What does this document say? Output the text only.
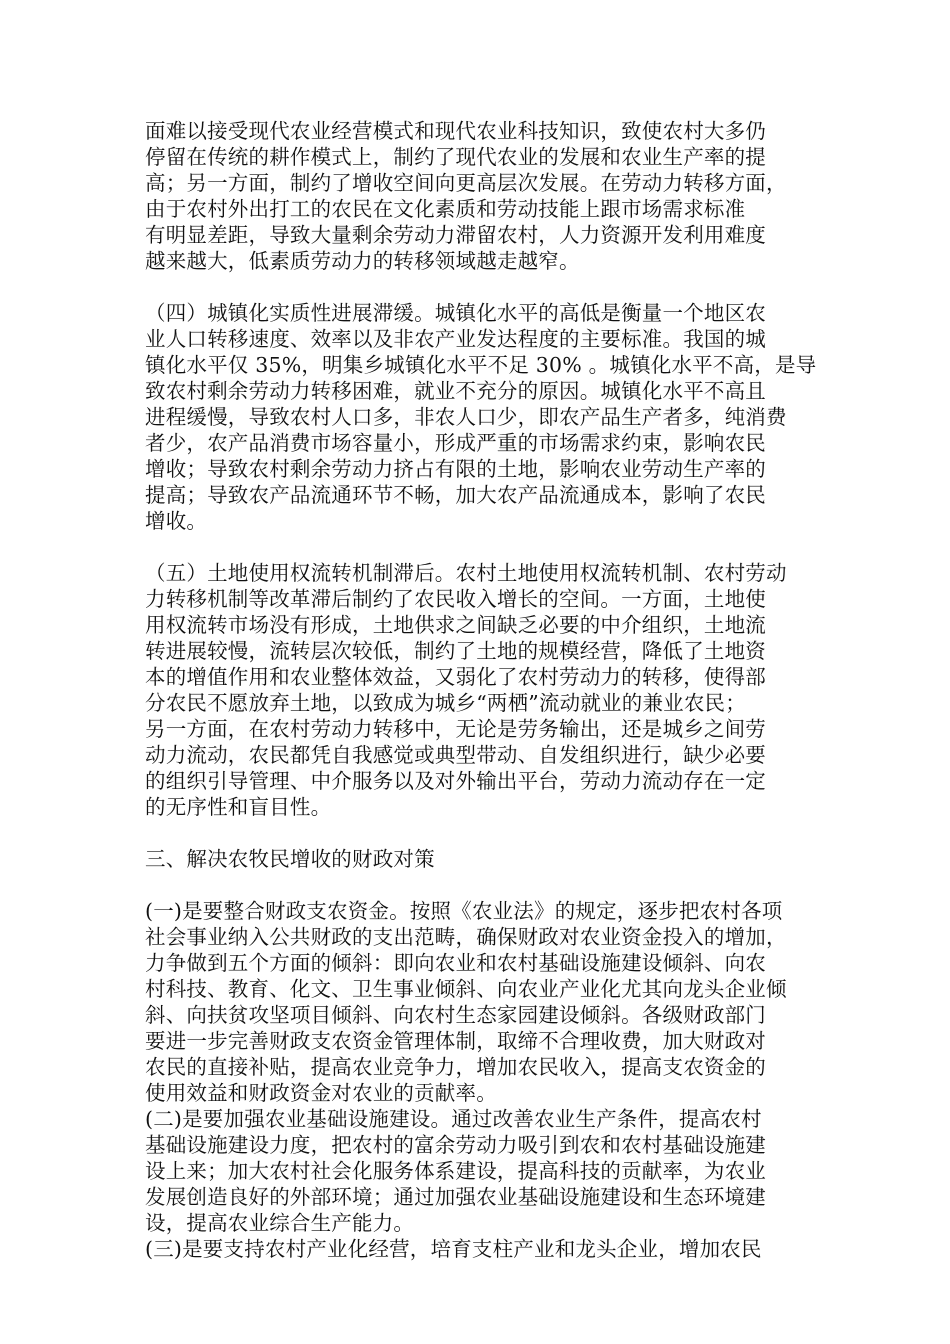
面难以接受现代农业经营模式和现代农业科技知识，致使农村大多仍
停留在传统的耕作模式上，制约了现代农业的发展和农业生产率的提
高；另一方面，制约了增收空间向更高层次发展。在劳动力转移方面，
由于农村外出打工的农民在文化素质和劳动技能上跟市场需求标准
有明显差距，导致大量剩余劳动力滞留农村，人力资源开发利用难度
越来越大，低素质劳动力的转移领域越走越窄。
（四）城镇化实质性进展滞缓。城镇化水平的高低是衡量一个地区农
业人口转移速度、效率以及非农产业发达程度的主要标准。我国的城
镇化水平仅 35%，明集乡城镇化水平不足 30% 。城镇化水平不高，是导
致农村剩余劳动力转移困难，就业不充分的原因。城镇化水平不高且
进程缓慢，导致农村人口多，非农人口少，即农产品生产者多，纯消费
者少，农产品消费市场容量小，形成严重的市场需求约束，影响农民
增收；导致农村剩余劳动力挤占有限的土地，影响农业劳动生产率的
提高；导致农产品流通环节不畅，加大农产品流通成本，影响了农民
增收。
（五）土地使用权流转机制滞后。农村土地使用权流转机制、农村劳动
力转移机制等改革滞后制约了农民收入增长的空间。一方面，土地使
用权流转市场没有形成，土地供求之间缺乏必要的中介组织，土地流
转进展较慢，流转层次较低，制约了土地的规模经营，降低了土地资
本的增值作用和农业整体效益，又弱化了农村劳动力的转移，使得部
分农民不愿放弃土地，以致成为城乡“两栖”流动就业的兼业农民；
另一方面，在农村劳动力转移中，无论是劳务输出，还是城乡之间劳
动力流动，农民都凭自我感觉或典型带动、自发组织进行，缺少必要
的组织引导管理、中介服务以及对外输出平台，劳动力流动存在一定
的无序性和盲目性。
三、解决农牧民增收的财政对策
(一)是要整合财政支农资金。按照《农业法》的规定，逐步把农村各项
社会事业纳入公共财政的支出范畴，确保财政对农业资金投入的增加，
力争做到五个方面的倾斜：即向农业和农村基础设施建设倾斜、向农
村科技、教育、化文、卫生事业倾斜、向农业产业化尤其向龙头企业倾
斜、向扶贫攻坚项目倾斜、向农村生态家园建设倾斜。各级财政部门
要进一步完善财政支农资金管理体制，取缔不合理收费，加大财政对
农民的直接补贴，提高农业竞争力，增加农民收入，提高支农资金的
使用效益和财政资金对农业的贡献率。
(二)是要加强农业基础设施建设。通过改善农业生产条件，提高农村
基础设施建设力度，把农村的富余劳动力吸引到农和农村基础设施建
设上来；加大农村社会化服务体系建设，提高科技的贡献率，为农业
发展创造良好的外部环境；通过加强农业基础设施建设和生态环境建
设，提高农业综合生产能力。
(三)是要支持农村产业化经营，培育支柱产业和龙头企业，增加农民
